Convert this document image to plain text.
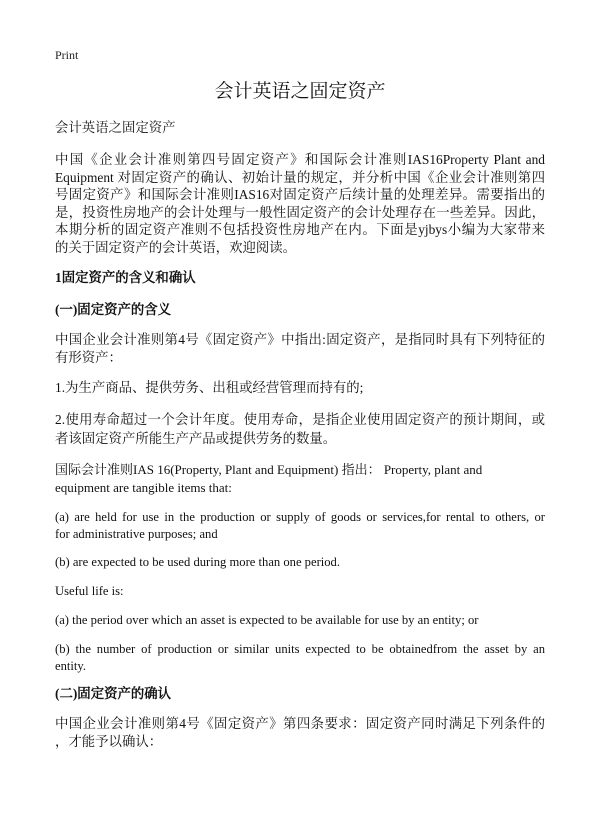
Print
会计英语之固定资产
会计英语之固定资产
中国《企业会计准则第四号固定资产》和国际会计准则IAS16Property Plant and
Equipment 对固定资产的确认、初始计量的规定，并分析中国《企业会计准则第四
号固定资产》和国际会计准则IAS16对固定资产后续计量的处理差异。需要指出的
是，投资性房地产的会计处理与一般性固定资产的会计处理存在一些差异。因此，
本期分析的固定资产准则不包括投资性房地产在内。下面是yjbys小编为大家带来
的关于固定资产的会计英语，欢迎阅读。
1固定资产的含义和确认
(一)固定资产的含义
中国企业会计准则第4号《固定资产》中指出:固定资产，是指同时具有下列特征的
有形资产：
1.为生产商品、提供劳务、出租或经营管理而持有的;
2.使用寿命超过一个会计年度。使用寿命，是指企业使用固定资产的预计期间，或
者该固定资产所能生产产品或提供劳务的数量。
国际会计准则IAS 16(Property, Plant and Equipment) 指出： Property, plant and
equipment are tangible items that:
(a) are held for use in the production or supply of goods or services,for rental to others, or
for administrative purposes; and
(b) are expected to be used during more than one period.
Useful life is:
(a) the period over which an asset is expected to be available for use by an entity; or
(b) the number of production or similar units expected to be obtainedfrom the asset by an
entity.
(二)固定资产的确认
中国企业会计准则第4号《固定资产》第四条要求：固定资产同时满足下列条件的
，才能予以确认：
